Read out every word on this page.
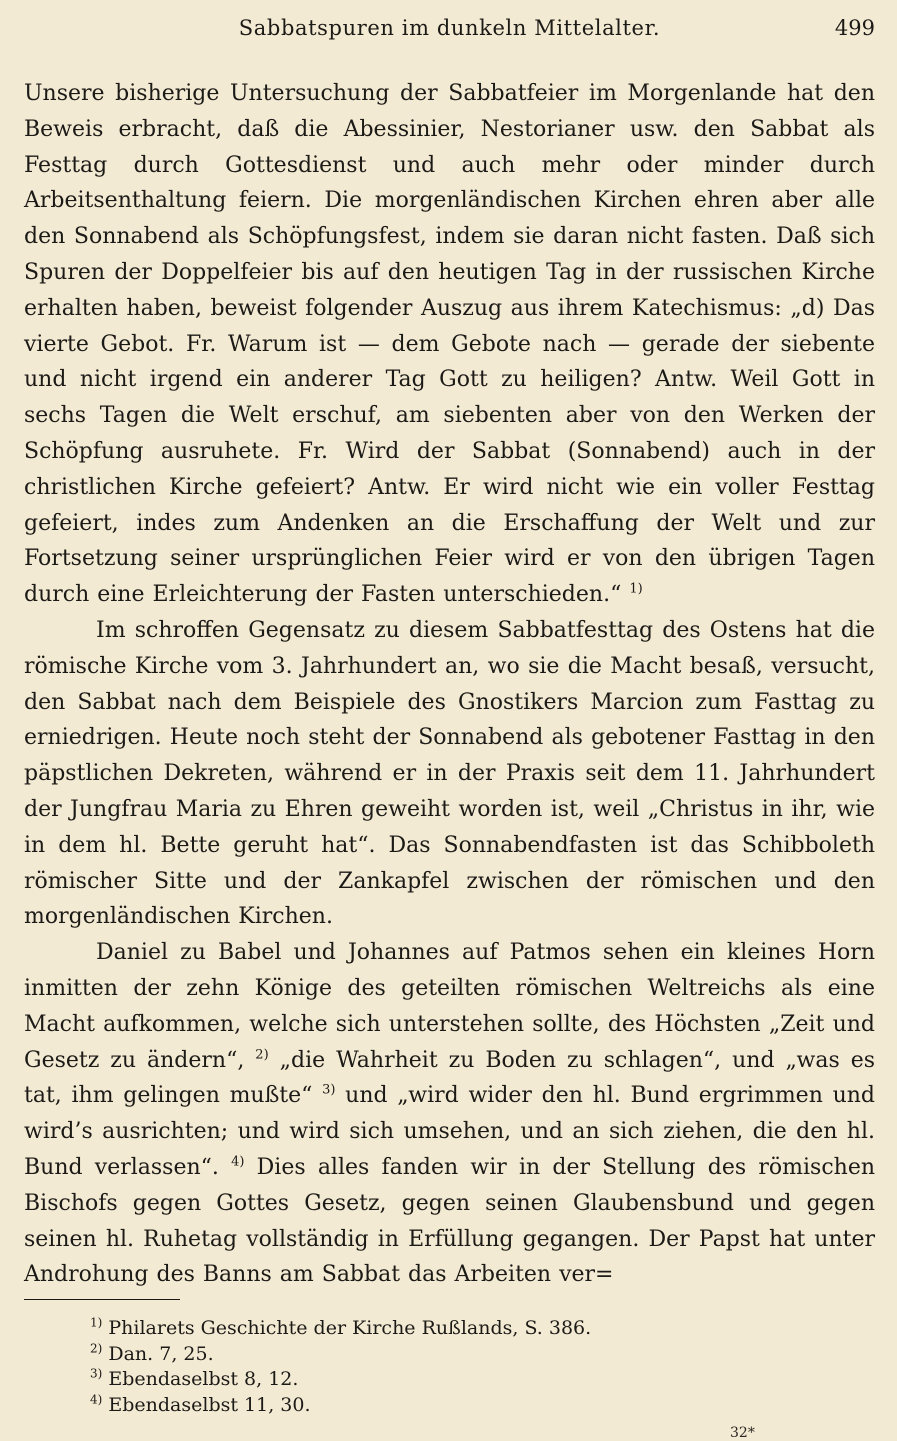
Sabbatspuren im dunkeln Mittelalter.	499

Unsere bisherige Untersuchung der Sabbatfeier im Morgenlande hat den Beweis erbracht, daß die Abessinier, Nestorianer usw. den Sabbat als Festtag durch Gottesdienst und auch mehr oder minder durch Arbeitsenthaltung feiern. Die morgenländischen Kirchen ehren aber alle den Sonnabend als Schöpfungsfest, indem sie daran nicht fasten. Daß sich Spuren der Doppelfeier bis auf den heutigen Tag in der russischen Kirche erhalten haben, beweist folgender Auszug aus ihrem Katechismus: „d) Das vierte Gebot. Fr. Warum ist — dem Gebote nach — gerade der siebente und nicht irgend ein anderer Tag Gott zu heiligen? Antw. Weil Gott in sechs Tagen die Welt erschuf, am siebenten aber von den Werken der Schöpfung ausruhete. Fr. Wird der Sabbat (Sonnabend) auch in der christlichen Kirche gefeiert? Antw. Er wird nicht wie ein voller Festtag gefeiert, indes zum Andenken an die Erschaffung der Welt und zur Fortsetzung seiner ursprünglichen Feier wird er von den übrigen Tagen durch eine Erleichterung der Fasten unterschieden.“ $^{1)}$

Im schroffen Gegensatz zu diesem Sabbatfesttag des Ostens hat die römische Kirche vom 3. Jahrhundert an, wo sie die Macht besaß, versucht, den Sabbat nach dem Beispiele des Gnostikers Marcion zum Fasttag zu erniedrigen. Heute noch steht der Sonnabend als gebotener Fasttag in den päpstlichen Dekreten, während er in der Praxis seit dem 11. Jahrhundert der Jungfrau Maria zu Ehren geweiht worden ist, weil „Christus in ihr, wie in dem hl. Bette geruht hat“. Das Sonnabendfasten ist das Schibboleth römischer Sitte und der Zankapfel zwischen der römischen und den morgenländischen Kirchen.

Daniel zu Babel und Johannes auf Patmos sehen ein kleines Horn inmitten der zehn Könige des geteilten römischen Weltreichs als eine Macht aufkommen, welche sich unterstehen sollte, des Höchsten „Zeit und Gesetz zu ändern“, $^{2)}$ „die Wahrheit zu Boden zu schlagen“, und „was es tat, ihm gelingen mußte“ $^{3)}$ und „wird wider den hl. Bund ergrimmen und wird’s ausrichten; und wird sich umsehen, und an sich ziehen, die den hl. Bund verlassen“. $^{4)}$ Dies alles fanden wir in der Stellung des römischen Bischofs gegen Gottes Gesetz, gegen seinen Glaubensbund und gegen seinen hl. Ruhetag vollständig in Erfüllung gegangen. Der Papst hat unter Androhung des Banns am Sabbat das Arbeiten ver=

$^{1)}$ Philarets Geschichte der Kirche Rußlands, S. 386.
$^{2)}$ Dan. 7, 25.
$^{3)}$ Ebendaselbst 8, 12.
$^{4)}$ Ebendaselbst 11, 30.
32*
